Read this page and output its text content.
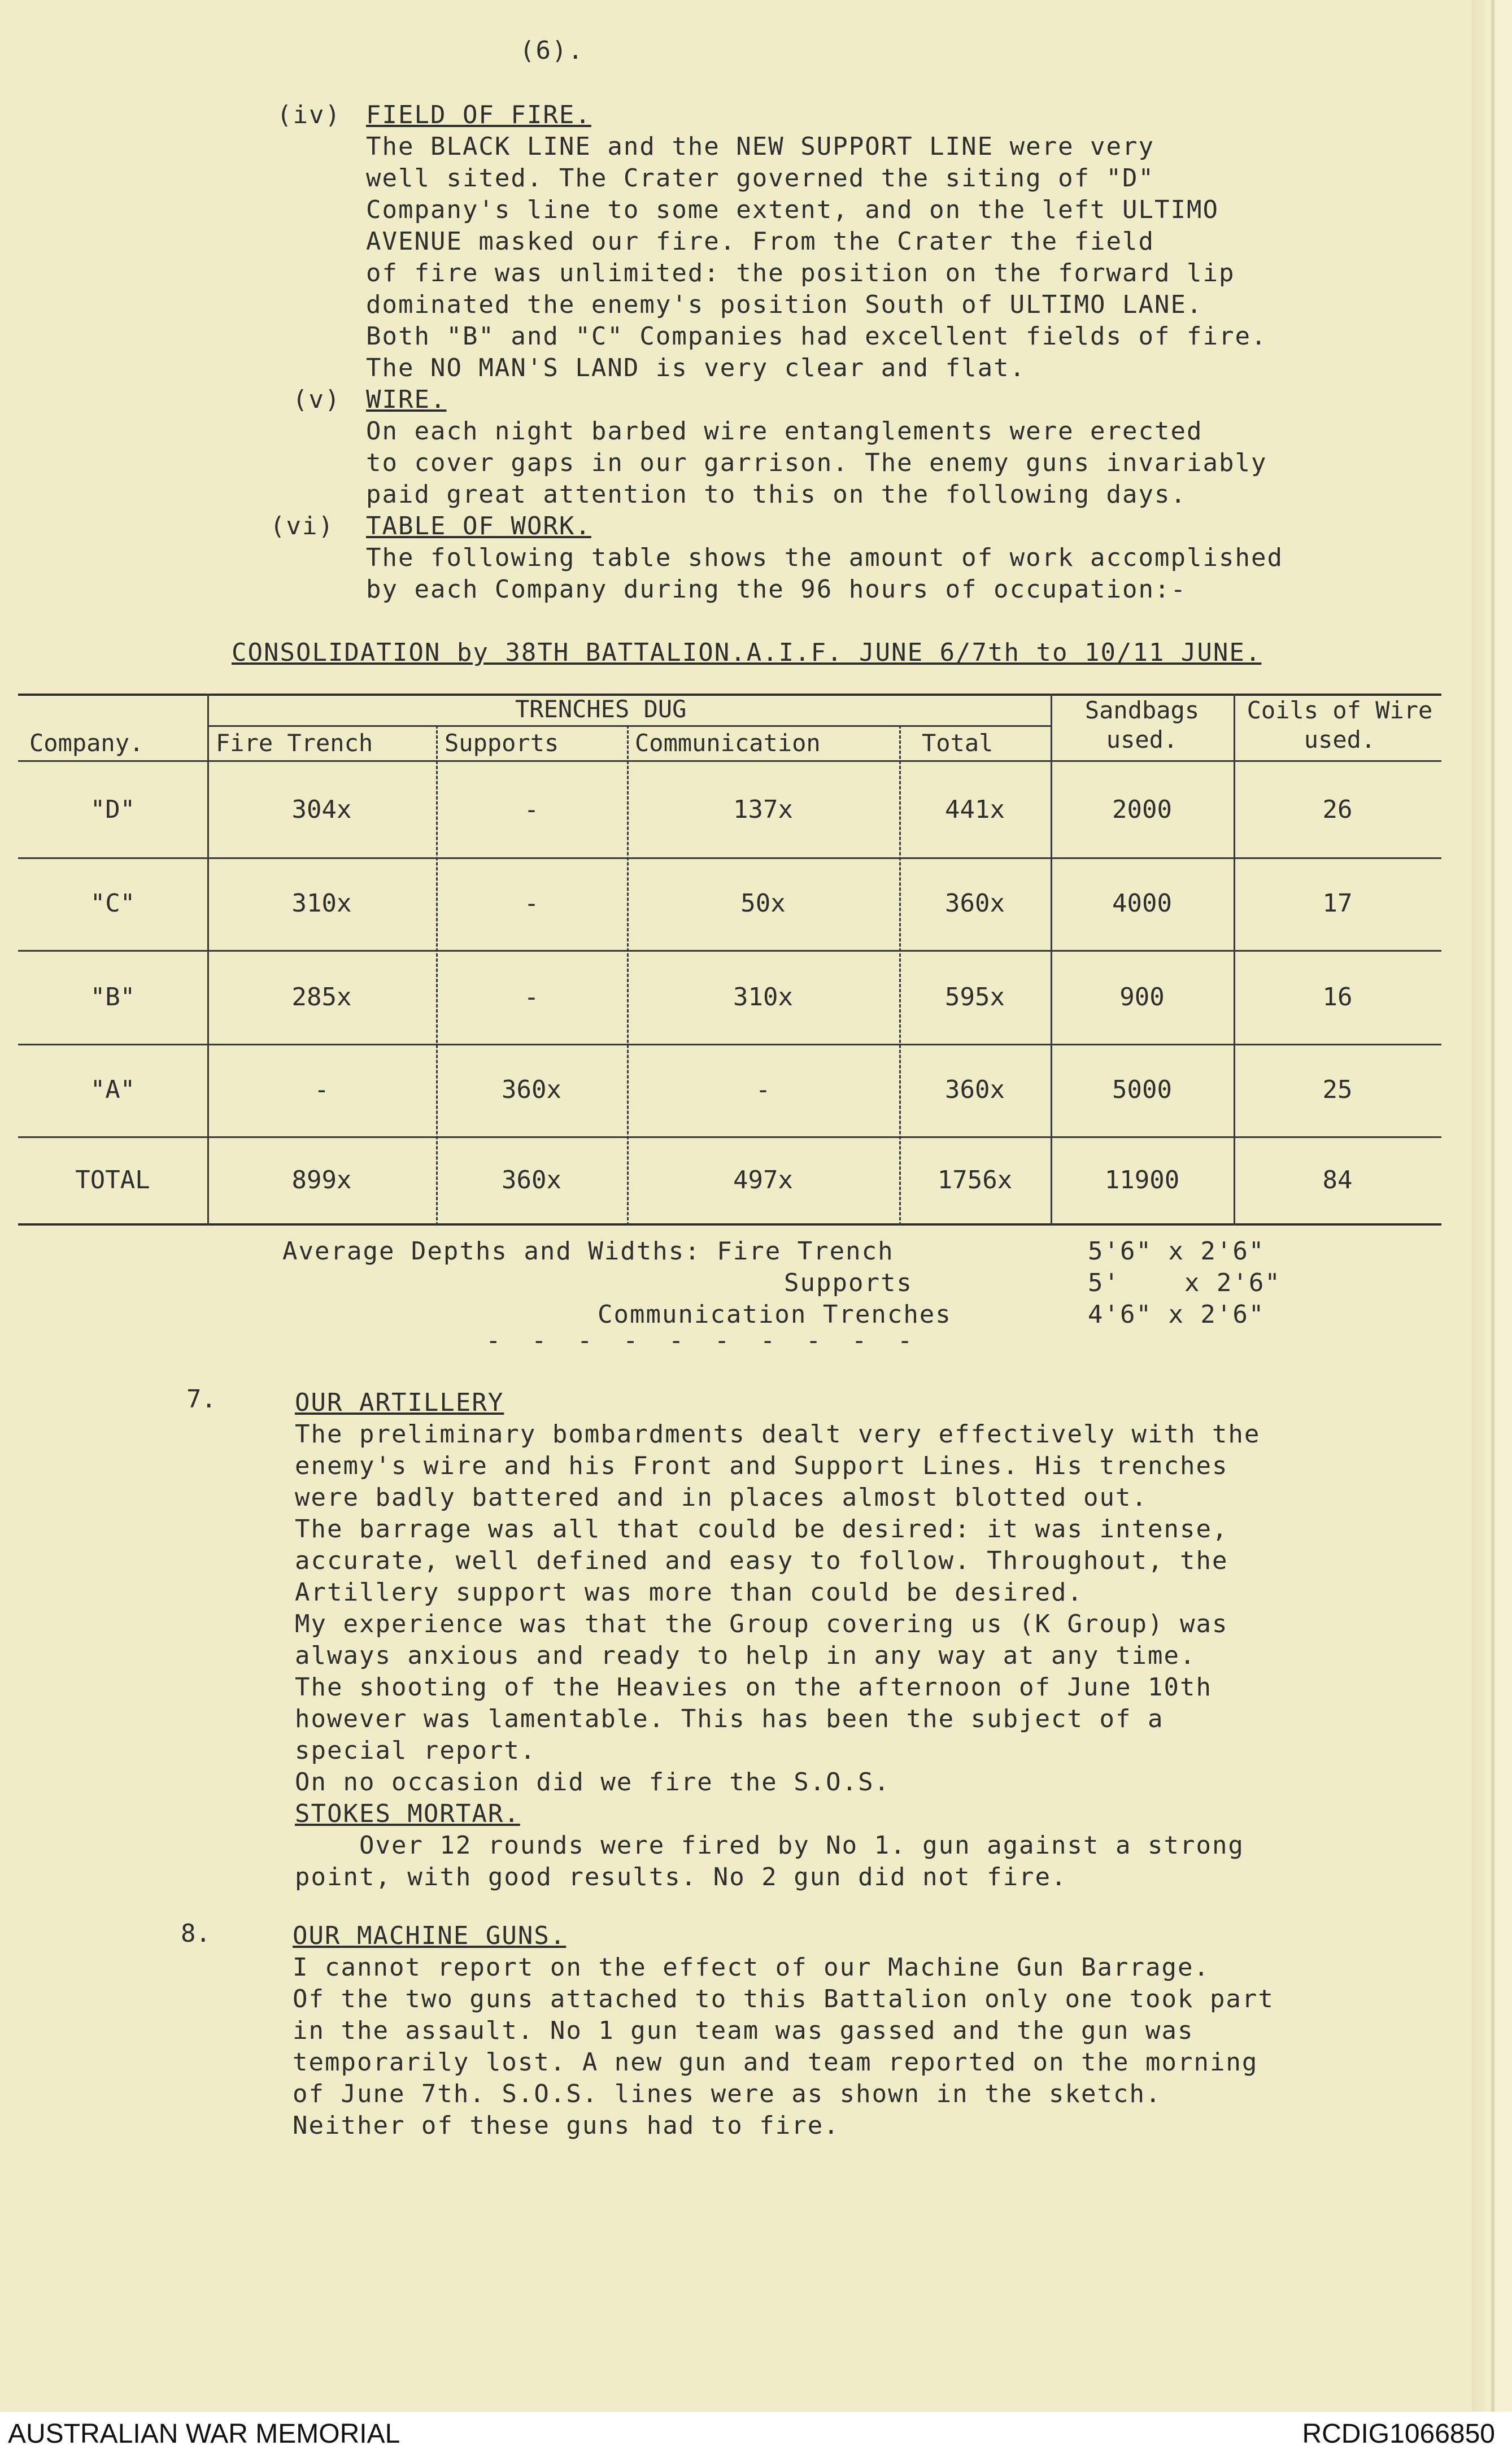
(6).
(iv) FIELD OF FIRE.
The BLACK LINE and the NEW SUPPORT LINE were very
well sited. The Crater governed the siting of "D"
Company's line to some extent, and on the left ULTIMO
AVENUE masked our fire. From the Crater the field
of fire was unlimited: the position on the forward lip
dominated the enemy's position South of ULTIMO LANE.
Both "B" and "C" Companies had excellent fields of fire.
The NO MAN'S LAND is very clear and flat.
(v) WIRE.
On each night barbed wire entanglements were erected
to cover gaps in our garrison. The enemy guns invariably
paid great attention to this on the following days.
(vi) TABLE OF WORK.
The following table shows the amount of work accomplished
by each Company during the 96 hours of occupation:-
CONSOLIDATION by 38TH BATTALION.A.I.F. JUNE 6/7th to 10/11 JUNE.
TRENCHES DUG
Company.	Fire Trench	Supports	Communication	Total
Sandbags used.
Coils of Wire used.
"D"	304x	-	137x	441x	2000	26
"C"	310x	-	50x	360x	4000	17
"B"	285x	-	310x	595x	900	16
"A"	-	360x	-	360x	5000	25
TOTAL	899x	360x	497x	1756x	11900	84
Average Depths and Widths: Fire Trench	5'6" x 2'6"
Supports	5'    x 2'6"
Communication Trenches	4'6" x 2'6"
- - - - - - - - - -
7.	OUR ARTILLERY
The preliminary bombardments dealt very effectively with the
enemy's wire and his Front and Support Lines. His trenches
were badly battered and in places almost blotted out.
The barrage was all that could be desired: it was intense,
accurate, well defined and easy to follow. Throughout, the
Artillery support was more than could be desired.
My experience was that the Group covering us (K Group) was
always anxious and ready to help in any way at any time.
The shooting of the Heavies on the afternoon of June 10th
however was lamentable. This has been the subject of a
special report.
On no occasion did we fire the S.O.S.
STOKES MORTAR.
Over 12 rounds were fired by No 1. gun against a strong
point, with good results. No 2 gun did not fire.
8.	OUR MACHINE GUNS.
I cannot report on the effect of our Machine Gun Barrage.
Of the two guns attached to this Battalion only one took part
in the assault. No 1 gun team was gassed and the gun was
temporarily lost. A new gun and team reported on the morning
of June 7th. S.O.S. lines were as shown in the sketch.
Neither of these guns had to fire.
AUSTRALIAN WAR MEMORIAL	RCDIG1066850
